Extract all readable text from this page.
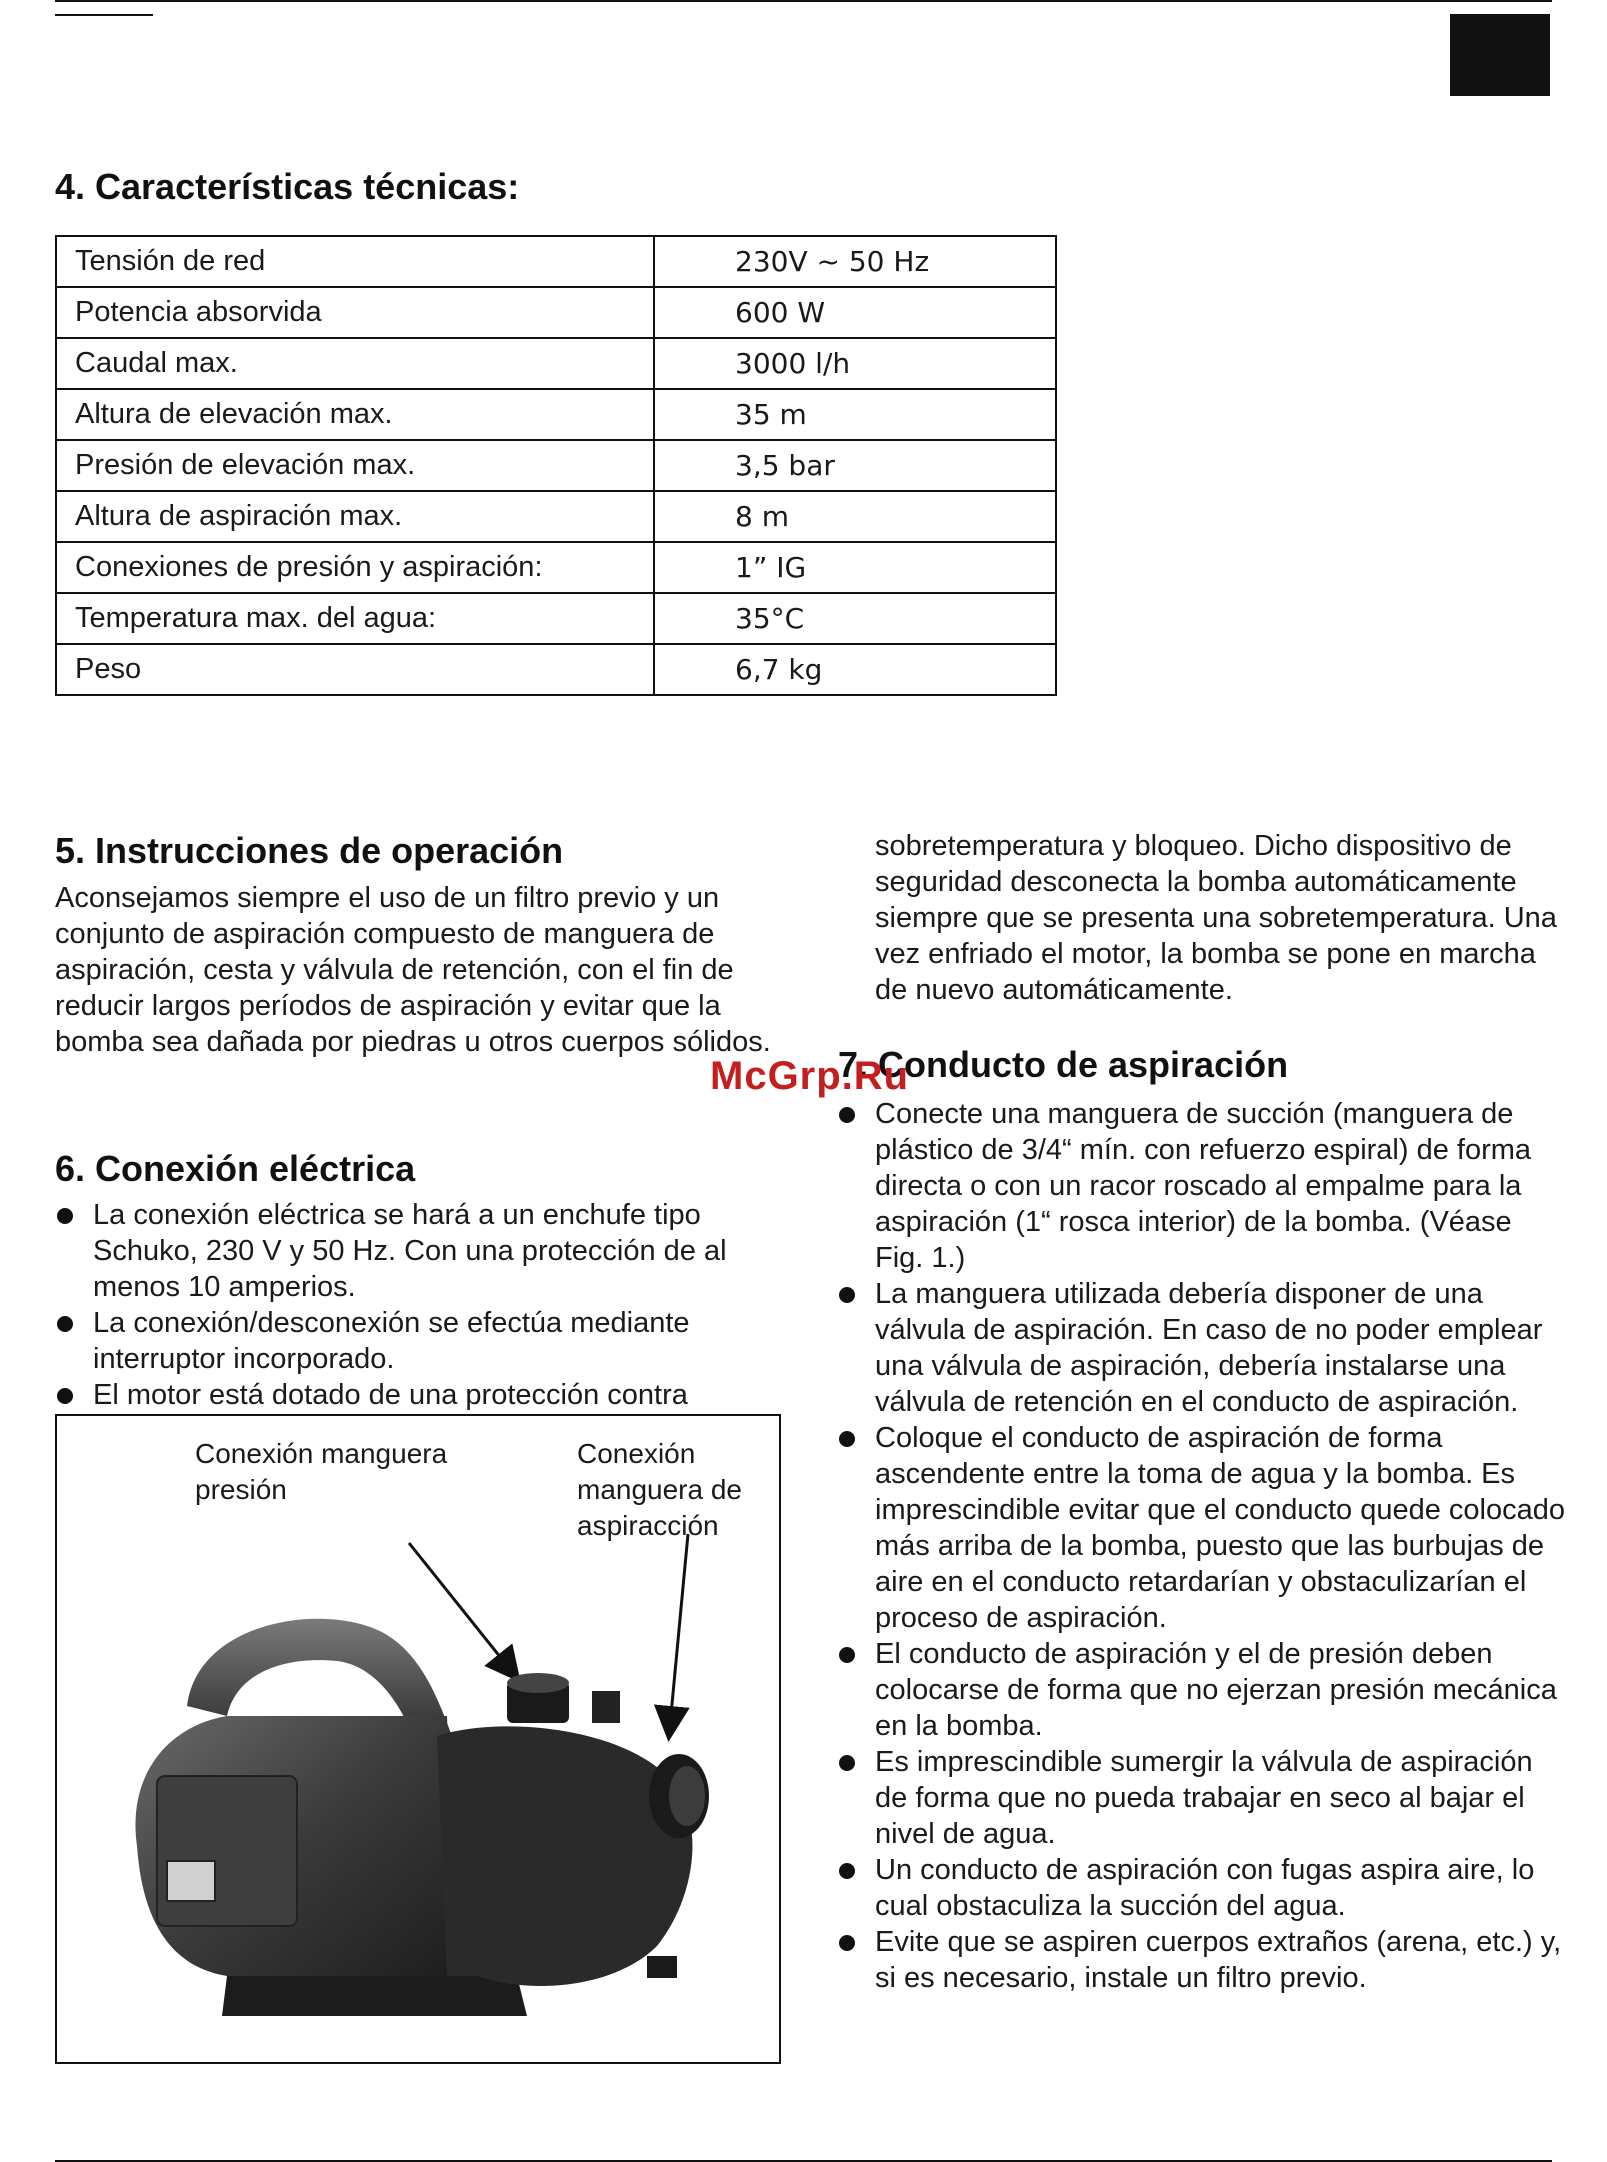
4. Características técnicas:
Tensión de red	230V ~ 50 Hz
Potencia absorvida	600 W
Caudal max.	3000 l/h
Altura de elevación max.	35 m
Presión de elevación max.	3,5 bar
Altura de aspiración max.	8 m
Conexiones de presión y aspiración:	1” IG
Temperatura max. del agua:	35°C
Peso	6,7 kg
5. Instrucciones de operación

Aconsejamos siempre el uso de un filtro previo y un conjunto de aspiración compuesto de manguera de aspiración, cesta y válvula de retención, con el fin de reducir largos períodos de aspiración y evitar que la bomba sea dañada por piedras u otros cuerpos sólidos.

6. Conexión eléctrica
La conexión eléctrica se hará a un enchufe tipo Schuko, 230 V y 50 Hz. Con una protección de al menos 10 amperios.
La conexión/desconexión se efectúa mediante interruptor incorporado.
El motor está dotado de una protección contra

sobretemperatura y bloqueo. Dicho dispositivo de seguridad desconecta la bomba automáticamente siempre que se presenta una sobretemperatura. Una vez enfriado el motor, la bomba se pone en marcha de nuevo automáticamente.

7. Conducto de aspiración
McGrp.Ru
Conecte una manguera de succión (manguera de plástico de 3/4“ mín. con refuerzo espiral) de forma directa o con un racor roscado al empalme para la aspiración (1“ rosca interior) de la bomba. (Véase Fig. 1.)
La manguera utilizada debería disponer de una válvula de aspiración. En caso de no poder emplear una válvula de aspiración, debería instalarse una válvula de retención en el conducto de aspiración.
Coloque el conducto de aspiración de forma ascendente entre la toma de agua y la bomba. Es imprescindible evitar que el conducto quede colocado más arriba de la bomba, puesto que las burbujas de aire en el conducto retardarían y obstaculizarían el proceso de aspiración.
El conducto de aspiración y el de presión deben colocarse de forma que no ejerzan presión mecánica en la bomba.
Es imprescindible sumergir la válvula de aspiración de forma que no pueda trabajar en seco al bajar el nivel de agua.
Un conducto de aspiración con fugas aspira aire, lo cual obstaculiza la succión del agua.
Evite que se aspiren cuerpos extraños (arena, etc.) y, si es necesario, instale un filtro previo.
Conexión manguera presión
Conexión manguera de aspiracción
